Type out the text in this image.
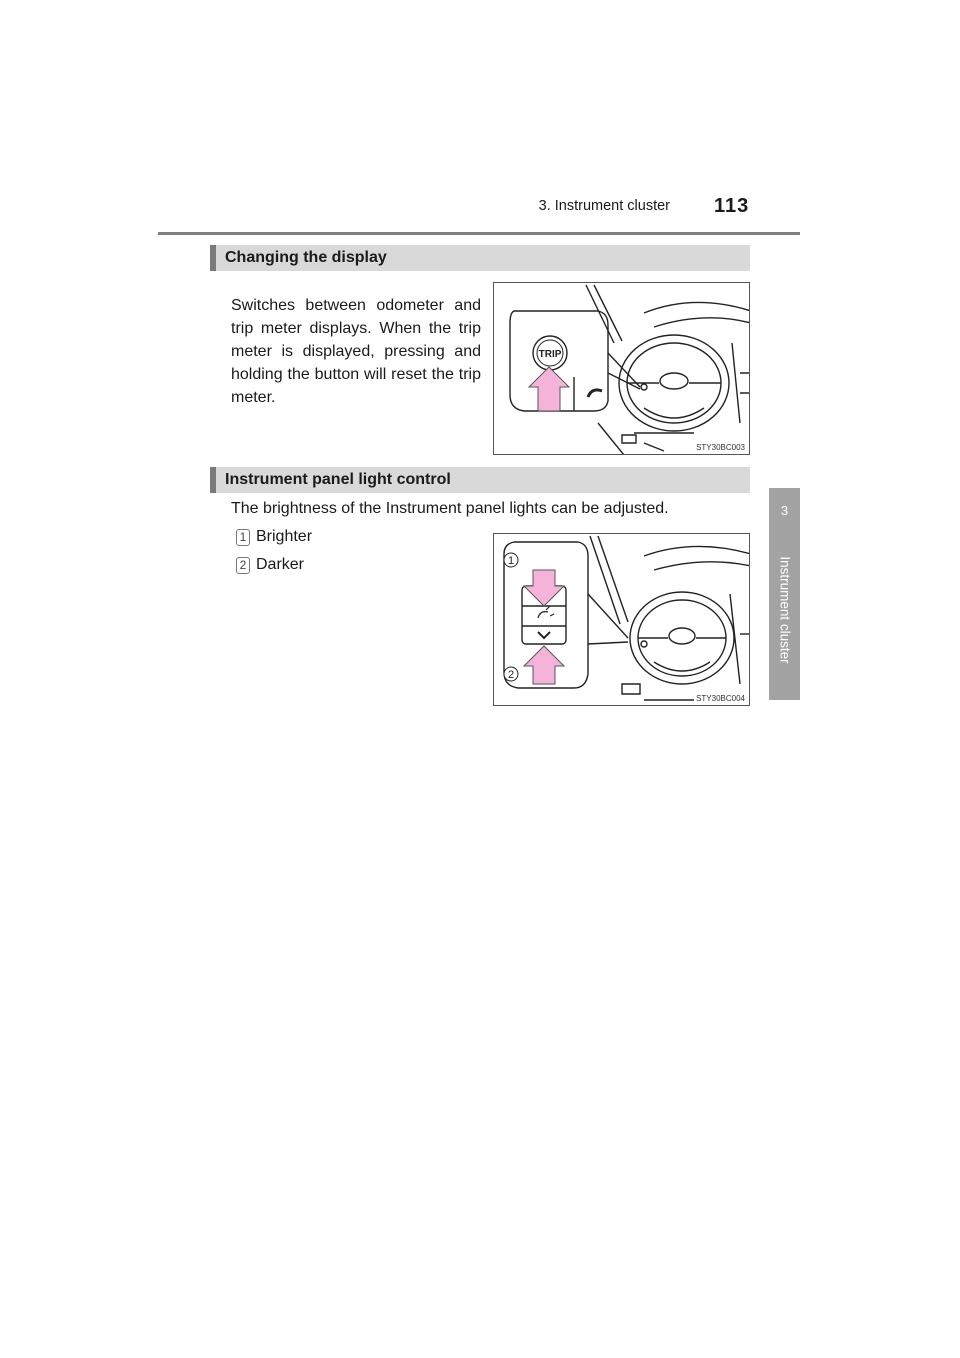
3. Instrument cluster 113
3
Instrument cluster
Changing the display
Switches between odometer and trip meter displays. When the trip meter is displayed, pressing and holding the button will reset the trip meter.
TRIP
STY30BC003
Instrument panel light control
The brightness of the Instrument panel lights can be adjusted.
1 Brighter
2 Darker	1
2
STY30BC004
